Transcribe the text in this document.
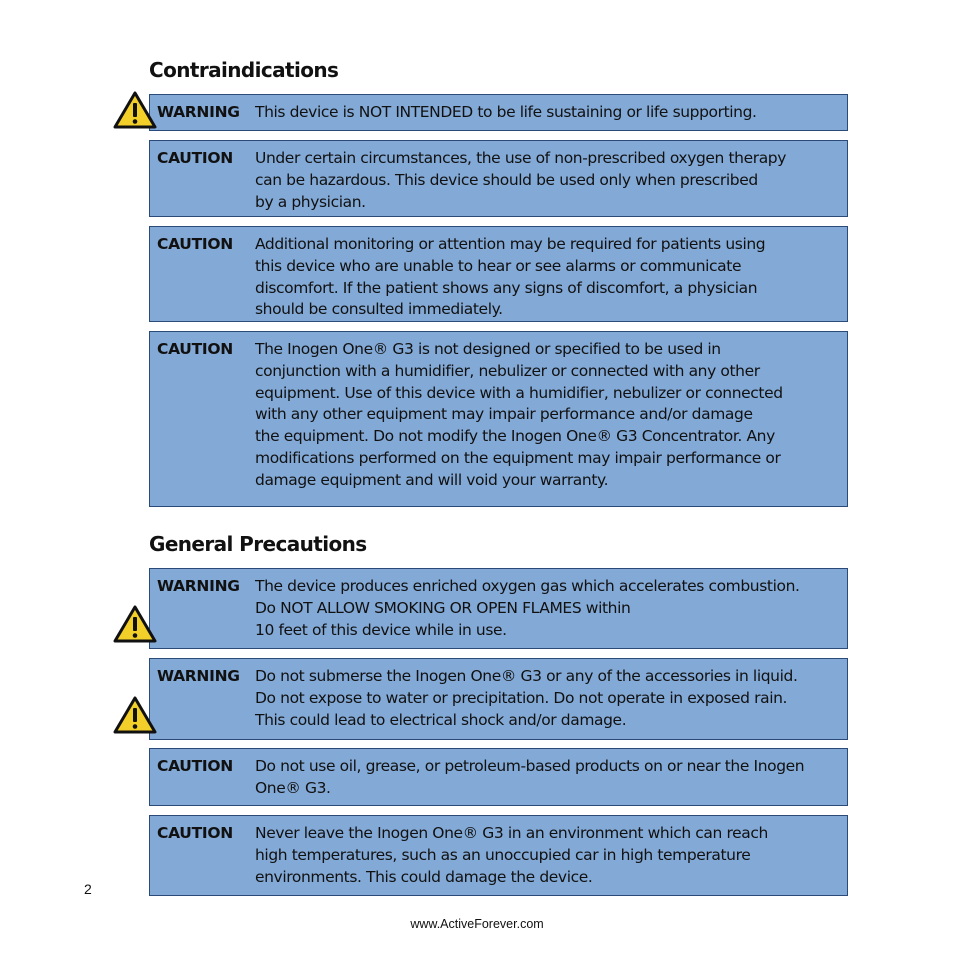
Contraindications
WARNING This device is NOT INTENDED to be life sustaining or life supporting.

CAUTION Under certain circumstances, the use of non-prescribed oxygen therapy
can be hazardous. This device should be used only when prescribed
by a physician.

CAUTION Additional monitoring or attention may be required for patients using
this device who are unable to hear or see alarms or communicate
discomfort. If the patient shows any signs of discomfort, a physician
should be consulted immediately.

CAUTION The Inogen One® G3 is not designed or specified to be used in
conjunction with a humidifier, nebulizer or connected with any other
equipment. Use of this device with a humidifier, nebulizer or connected
with any other equipment may impair performance and/or damage
the equipment. Do not modify the Inogen One® G3 Concentrator. Any
modifications performed on the equipment may impair performance or
damage equipment and will void your warranty.

General Precautions
WARNING The device produces enriched oxygen gas which accelerates combustion.
Do NOT ALLOW SMOKING OR OPEN FLAMES within
10 feet of this device while in use.

WARNING Do not submerse the Inogen One® G3 or any of the accessories in liquid.
Do not expose to water or precipitation. Do not operate in exposed rain.
This could lead to electrical shock and/or damage.

CAUTION Do not use oil, grease, or petroleum-based products on or near the Inogen
One® G3.

CAUTION Never leave the Inogen One® G3 in an environment which can reach
high temperatures, such as an unoccupied car in high temperature
environments. This could damage the device.

2
www.ActiveForever.com
